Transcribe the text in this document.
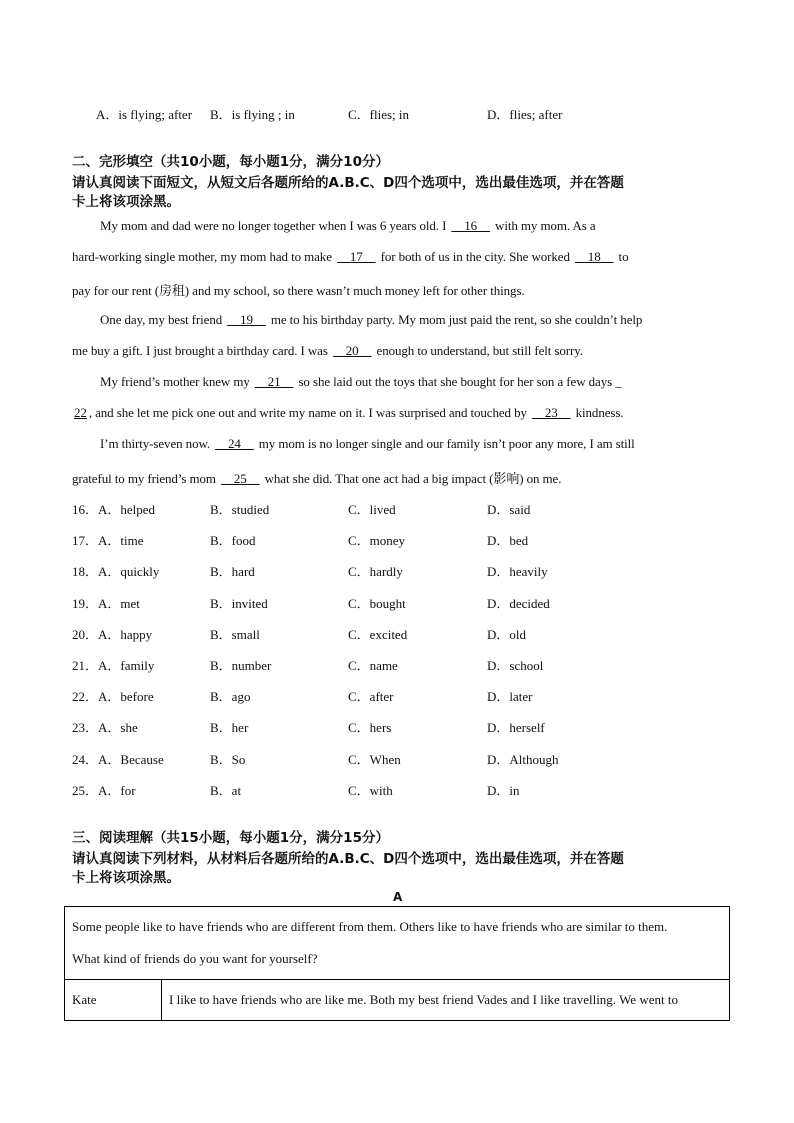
A．is flying; after B．is flying ; in	C．flies; in	D．flies; after
二、完形填空（共10小题，每小题1分，满分10分）
请认真阅读下面短文，从短文后各题所给的A.B.C、D四个选项中，选出最佳选项，并在答题
卡上将该项涂黑。
My mom and dad were no longer together when I was 6 years old. I __16__ with my mom. As a
hard-working single mother, my mom had to make __17__ for both of us in the city. She worked __18__ to
pay for our rent (房租) and my school, so there wasn’t much money left for other things.
One day, my best friend __19__ me to his birthday party. My mom just paid the rent, so she couldn’t help
me buy a gift. I just brought a birthday card. I was __20__ enough to understand, but still felt sorry.
My friend’s mother knew my __21__ so she laid out the toys that she bought for her son a few days _
22 , and she let me pick one out and write my name on it. I was surprised and touched by __23__ kindness.
I’m thirty-seven now. __24__ my mom is no longer single and our family isn’t poor any more, I am still
grateful to my friend’s mom __25__ what she did. That one act had a big impact (影响) on me.
16．A．helped	B．studied	C．lived	D．said
17．A．time	B．food	C．money	D．bed
18．A．quickly	B．hard	C．hardly	D．heavily
19．A．met	B．invited	C．bought	D．decided
20．A．happy	B．small	C．excited	D．old
21．A．family	B．number	C．name	D．school
22．A．before	B．ago	C．after	D．later
23．A．she	B．her	C．hers	D．herself
24．A．Because	B．So	C．When	D．Although
25．A．for	B．at	C．with	D．in
三、阅读理解（共15小题，每小题1分，满分15分）
请认真阅读下列材料，从材料后各题所给的A.B.C、D四个选项中，选出最佳选项，并在答题
卡上将该项涂黑。
A
Some people like to have friends who are different from them. Others like to have friends who are similar to them.
What kind of friends do you want for yourself?

Kate	I like to have friends who are like me. Both my best friend Vades and I like travelling. We went to
